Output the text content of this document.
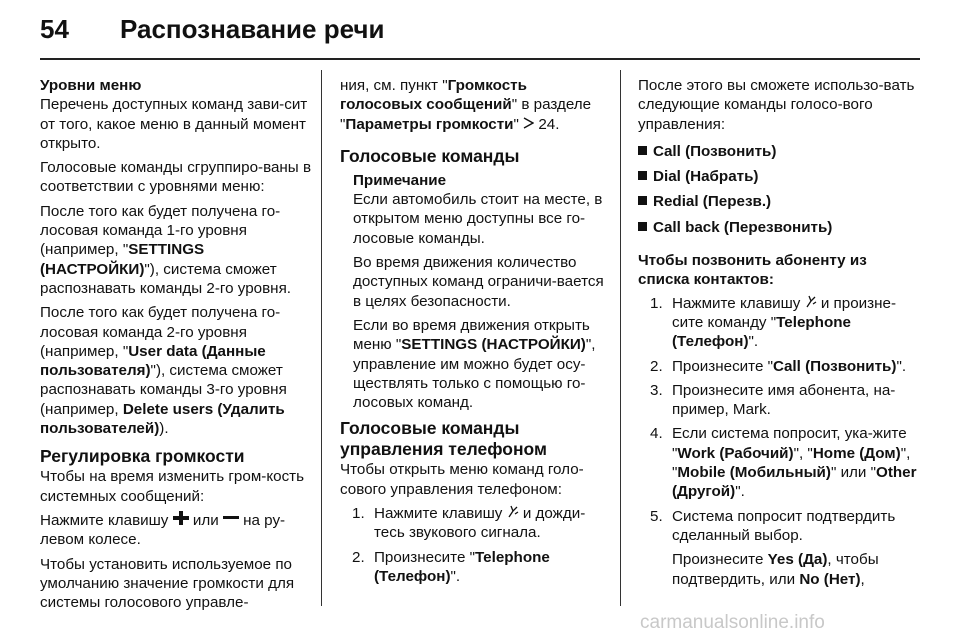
54 Распознавание речи

Уровни меню

Перечень доступных команд зави-сит от того, какое меню в данный момент открыто.

Голосовые команды сгруппиро-ваны в соответствии с уровнями меню:

После того как будет получена го-лосовая команда 1-го уровня (например, "SETTINGS (НАСТРОЙКИ)"), система сможет распознавать команды 2-го уровня.

После того как будет получена го-лосовая команда 2-го уровня (например, "User data (Данные пользователя)"), система сможет распознавать команды 3-го уровня (например, Delete users (Удалить пользователей)).

Регулировка громкости

Чтобы на время изменить гром-кость системных сообщений:

Нажмите клавишу  или  на ру-левом колесе.

Чтобы установить используемое по умолчанию значение громкости для системы голосового управле-

ния, см. пункт "Громкость голосовых сообщений" в разделе "Параметры громкости"  24.

Голосовые команды

Примечание

Если автомобиль стоит на месте, в открытом меню доступны все го-лосовые команды.

Во время движения количество доступных команд ограничи-вается в целях безопасности.

Если во время движения открыть меню "SETTINGS (НАСТРОЙКИ)", управление им можно будет осу-ществлять только с помощью го-лосовых команд.

Голосовые команды управления телефоном

Чтобы открыть меню команд голо-сового управления телефоном:

1. Нажмите клавишу  и дожди-тесь звукового сигнала.
2. Произнесите "Telephone (Телефон)".

После этого вы сможете использо-вать следующие команды голосо-вого управления:

Call (Позвонить)

Dial (Набрать)

Redial (Перезв.)

Call back (Перезвонить)

Чтобы позвонить абоненту из списка контактов:

1. Нажмите клавишу  и произне-сите команду "Telephone (Телефон)".
2. Произнесите "Call (Позвонить)".
3. Произнесите имя абонента, на-пример, Mark.
4. Если система попросит, ука-жите "Work (Рабочий)", "Home (Дом)", "Mobile (Мобильный)" или "Other (Другой)".
5. Система попросит подтвердить сделанный выбор.

Произнесите Yes (Да), чтобы подтвердить, или No (Нет),

carmanualsonline.info
